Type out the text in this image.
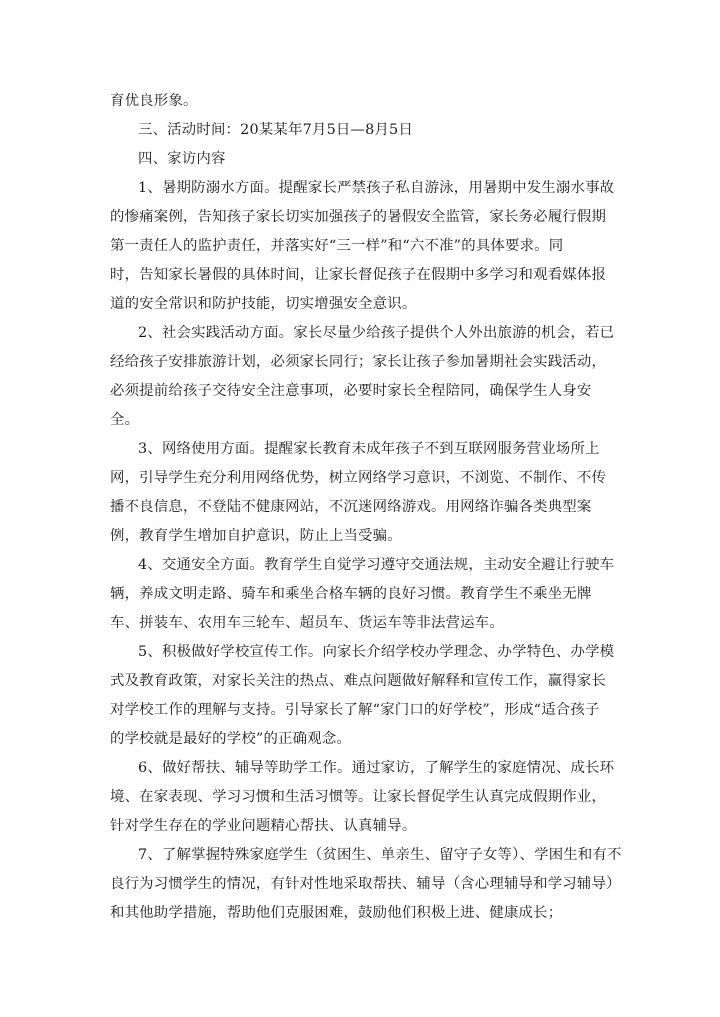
育优良形象。
三、活动时间：20某某年7月5日—8月5日
四、家访内容
1、暑期防溺水方面。提醒家长严禁孩子私自游泳，用暑期中发生溺水事故
的惨痛案例，告知孩子家长切实加强孩子的暑假安全监管，家长务必履行假期
第一责任人的监护责任，并落实好“三一样”和“六不准”的具体要求。同
时，告知家长暑假的具体时间，让家长督促孩子在假期中多学习和观看媒体报
道的安全常识和防护技能，切实增强安全意识。
2、社会实践活动方面。家长尽量少给孩子提供个人外出旅游的机会，若已
经给孩子安排旅游计划，必须家长同行；家长让孩子参加暑期社会实践活动，
必须提前给孩子交待安全注意事项，必要时家长全程陪同，确保学生人身安
全。
3、网络使用方面。提醒家长教育未成年孩子不到互联网服务营业场所上
网，引导学生充分利用网络优势，树立网络学习意识，不浏览、不制作、不传
播不良信息，不登陆不健康网站，不沉迷网络游戏。用网络诈骗各类典型案
例，教育学生增加自护意识，防止上当受骗。
4、交通安全方面。教育学生自觉学习遵守交通法规，主动安全避让行驶车
辆，养成文明走路、骑车和乘坐合格车辆的良好习惯。教育学生不乘坐无牌
车、拼装车、农用车三轮车、超员车、货运车等非法营运车。
5、积极做好学校宣传工作。向家长介绍学校办学理念、办学特色、办学模
式及教育政策，对家长关注的热点、难点问题做好解释和宣传工作，赢得家长
对学校工作的理解与支持。引导家长了解“家门口的好学校”，形成“适合孩子
的学校就是最好的学校”的正确观念。
6、做好帮扶、辅导等助学工作。通过家访，了解学生的家庭情况、成长环
境、在家表现、学习习惯和生活习惯等。让家长督促学生认真完成假期作业，
针对学生存在的学业问题精心帮扶、认真辅导。
7、了解掌握特殊家庭学生（贫困生、单亲生、留守子女等）、学困生和有不
良行为习惯学生的情况，有针对性地采取帮扶、辅导（含心理辅导和学习辅导）
和其他助学措施，帮助他们克服困难，鼓励他们积极上进、健康成长；
